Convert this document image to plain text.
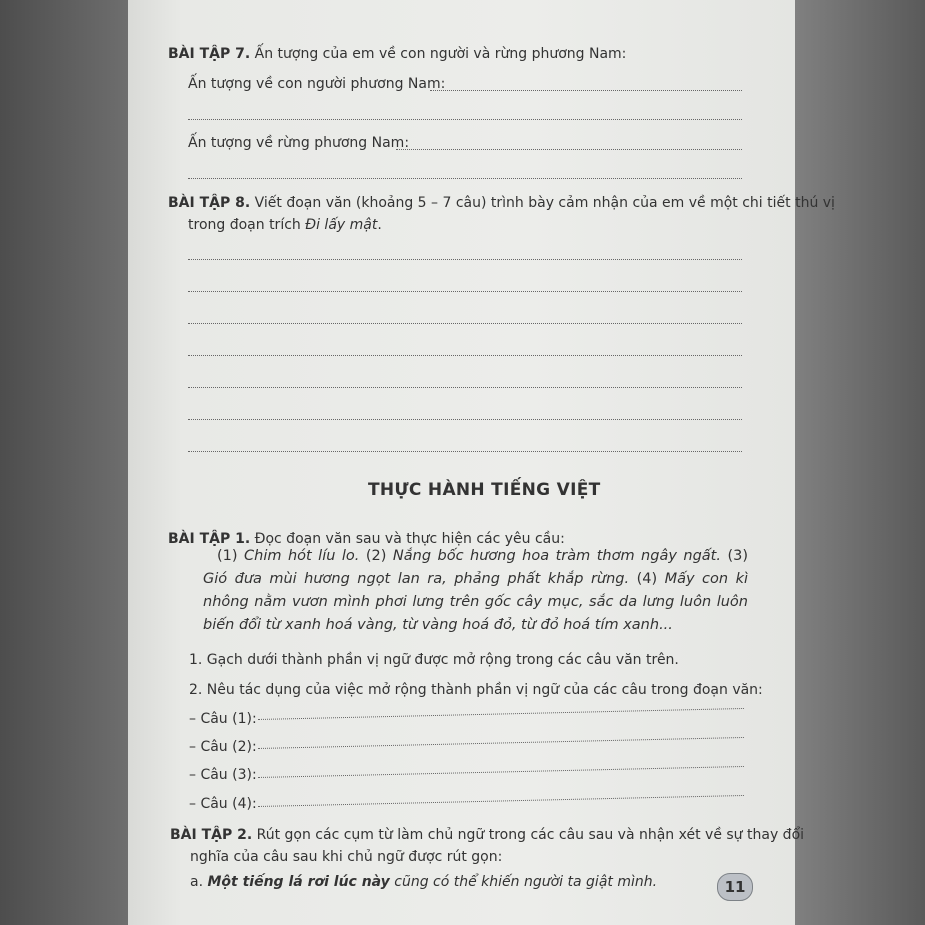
BÀI TẬP 7. Ấn tượng của em về con người và rừng phương Nam:
Ấn tượng về con người phương Nam:
Ấn tượng về rừng phương Nam:
BÀI TẬP 8. Viết đoạn văn (khoảng 5 – 7 câu) trình bày cảm nhận của em về một chi tiết thú vị
trong đoạn trích Đi lấy mật.
THỰC HÀNH TIẾNG VIỆT
BÀI TẬP 1. Đọc đoạn văn sau và thực hiện các yêu cầu:
(1) Chim hót líu lo. (2) Nắng bốc hương hoa tràm thơm ngây ngất. (3) Gió đưa mùi hương ngọt lan ra, phảng phất khắp rừng. (4) Mấy con kì nhông nằm vươn mình phơi lưng trên gốc cây mục, sắc da lưng luôn luôn biến đổi từ xanh hoá vàng, từ vàng hoá đỏ, từ đỏ hoá tím xanh...
1. Gạch dưới thành phần vị ngữ được mở rộng trong các câu văn trên.
2. Nêu tác dụng của việc mở rộng thành phần vị ngữ của các câu trong đoạn văn:
– Câu (1):
– Câu (2):
– Câu (3):
– Câu (4):
BÀI TẬP 2. Rút gọn các cụm từ làm chủ ngữ trong các câu sau và nhận xét về sự thay đổi
nghĩa của câu sau khi chủ ngữ được rút gọn:
a. Một tiếng lá rơi lúc này cũng có thể khiến người ta giật mình.	11
